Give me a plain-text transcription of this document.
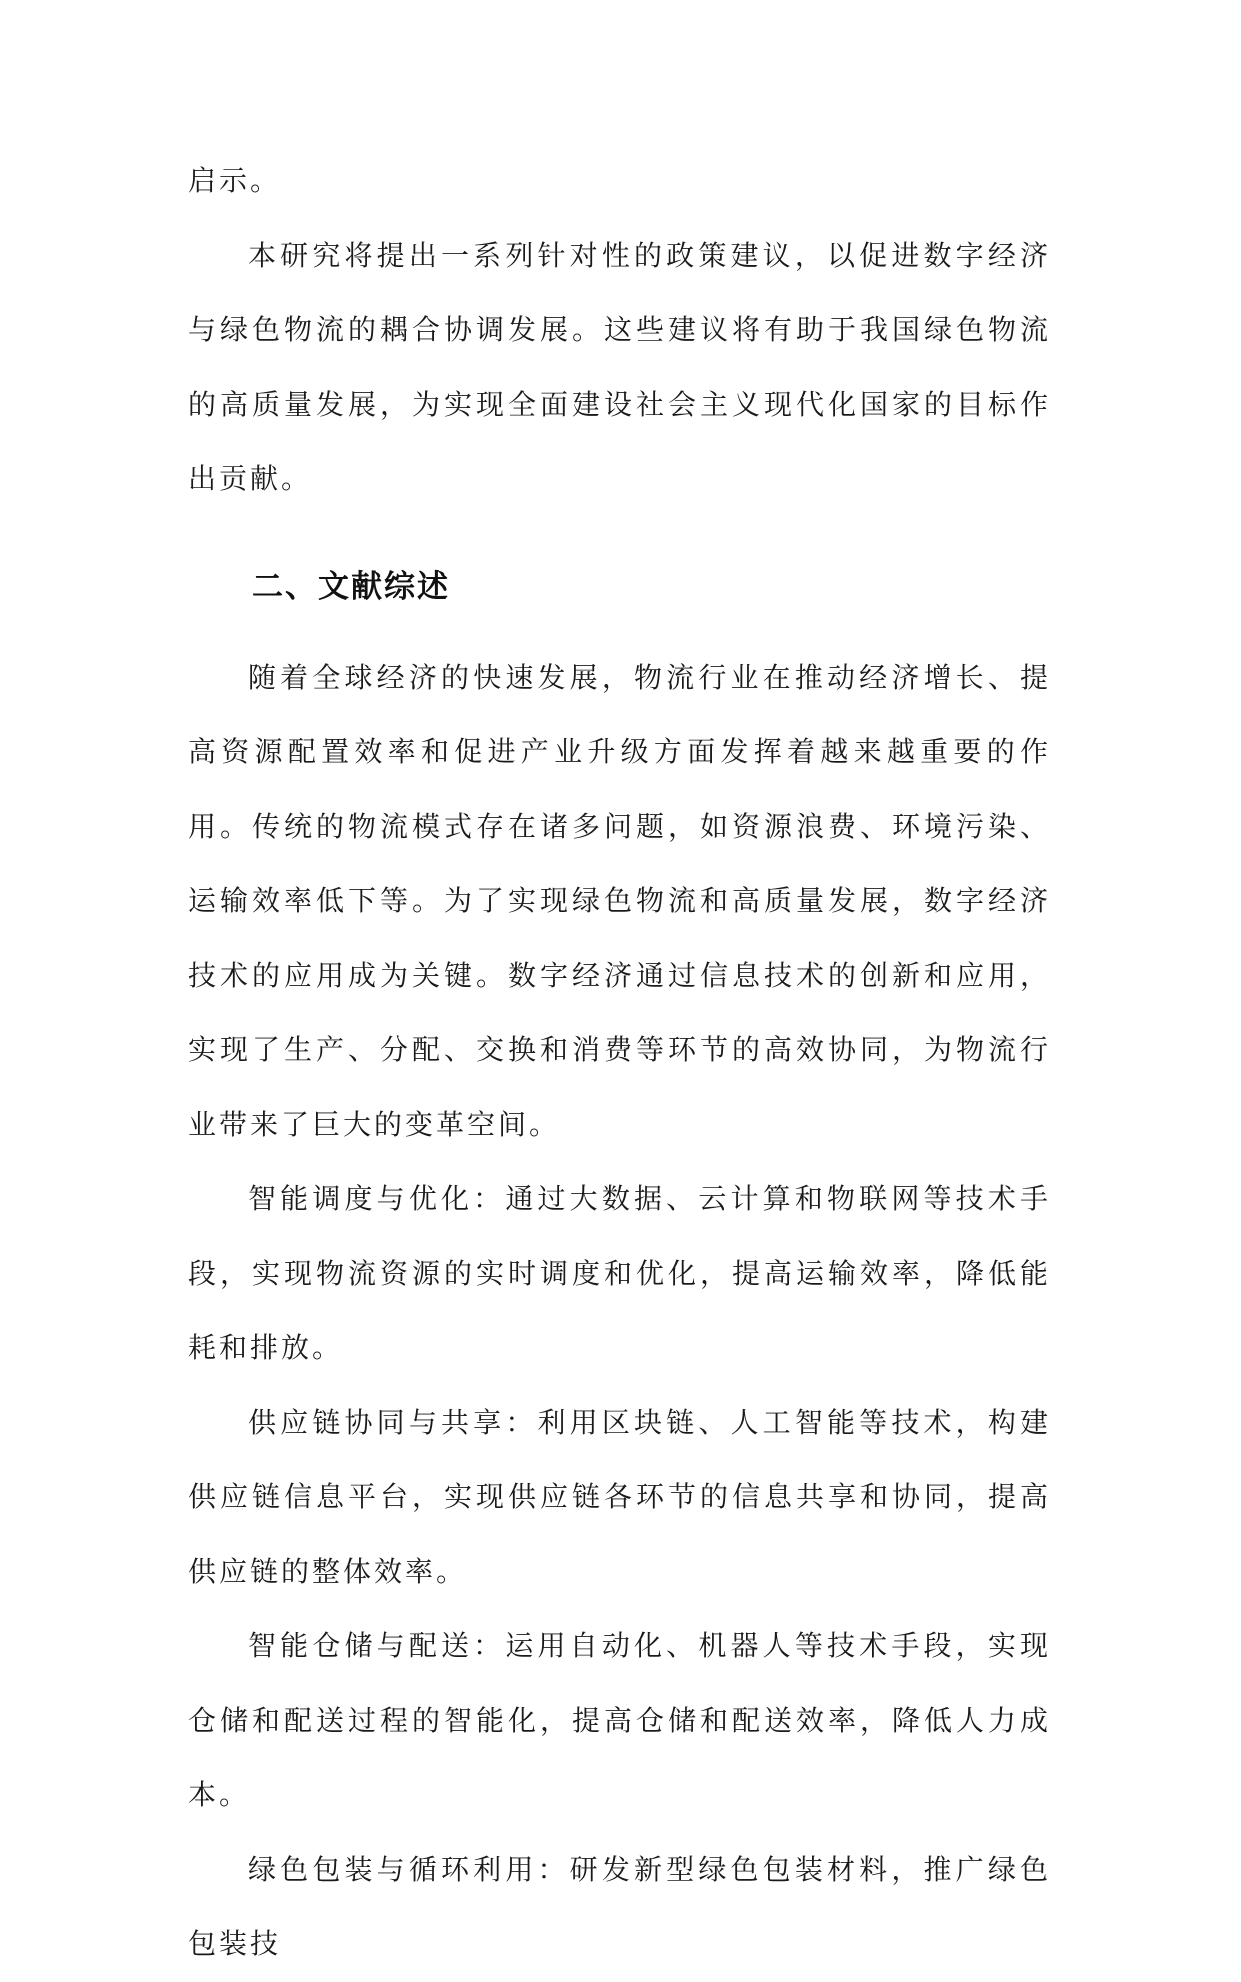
启示。

本研究将提出一系列针对性的政策建议，以促进数字经济与绿色物流的耦合协调发展。这些建议将有助于我国绿色物流的高质量发展，为实现全面建设社会主义现代化国家的目标作出贡献。

二、文献综述

随着全球经济的快速发展，物流行业在推动经济增长、提高资源配置效率和促进产业升级方面发挥着越来越重要的作用。传统的物流模式存在诸多问题，如资源浪费、环境污染、运输效率低下等。为了实现绿色物流和高质量发展，数字经济技术的应用成为关键。数字经济通过信息技术的创新和应用，实现了生产、分配、交换和消费等环节的高效协同，为物流行业带来了巨大的变革空间。

智能调度与优化：通过大数据、云计算和物联网等技术手段，实现物流资源的实时调度和优化，提高运输效率，降低能耗和排放。

供应链协同与共享：利用区块链、人工智能等技术，构建供应链信息平台，实现供应链各环节的信息共享和协同，提高供应链的整体效率。

智能仓储与配送：运用自动化、机器人等技术手段，实现仓储和配送过程的智能化，提高仓储和配送效率，降低人力成本。

绿色包装与循环利用：研发新型绿色包装材料，推广绿色包装技
